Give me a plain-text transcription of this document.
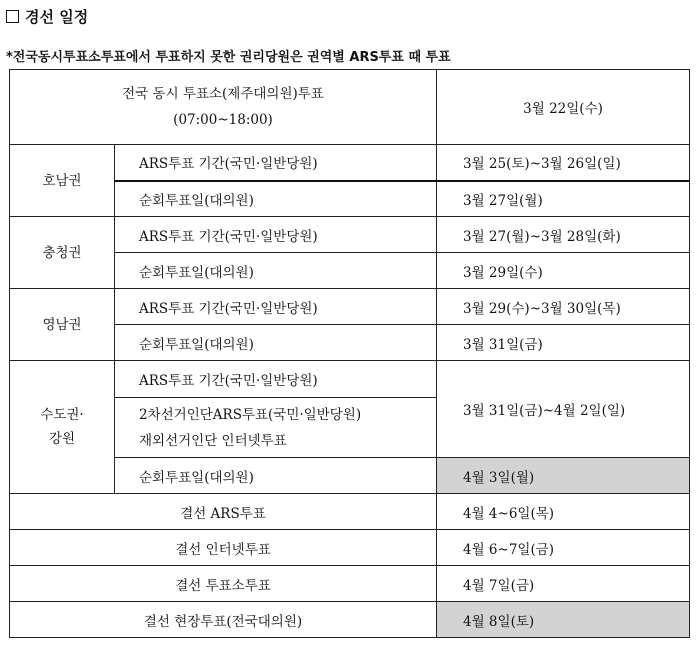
경선 일정
*전국동시투표소투표에서 투표하지 못한 권리당원은 권역별 ARS투표 때 투표
전국 동시 투표소(제주대의원)투표
(07:00~18:00)		3월 22일(수)
호남권	ARS투표 기간(국민·일반당원)	3월 25(토)~3월 26일(일)
	순회투표일(대의원)	3월 27일(월)
충청권	ARS투표 기간(국민·일반당원)	3월 27(월)~3월 28일(화)
	순회투표일(대의원)	3월 29일(수)
영남권	ARS투표 기간(국민·일반당원)	3월 29(수)~3월 30일(목)
	순회투표일(대의원)	3월 31일(금)

수도권·
강원	ARS투표 기간(국민·일반당원)	3월 31일(금)~4월 2일(일)

	2차선거인단ARS투표(국민·일반당원)
재외선거인단 인터넷투표	

	순회투표일(대의원)	4월 3일(월)
결선 ARS투표		4월 4~6일(목)
결선 인터넷투표		4월 6~7일(금)
결선 투표소투표		4월 7일(금)
결선 현장투표(전국대의원)		4월 8일(토)
